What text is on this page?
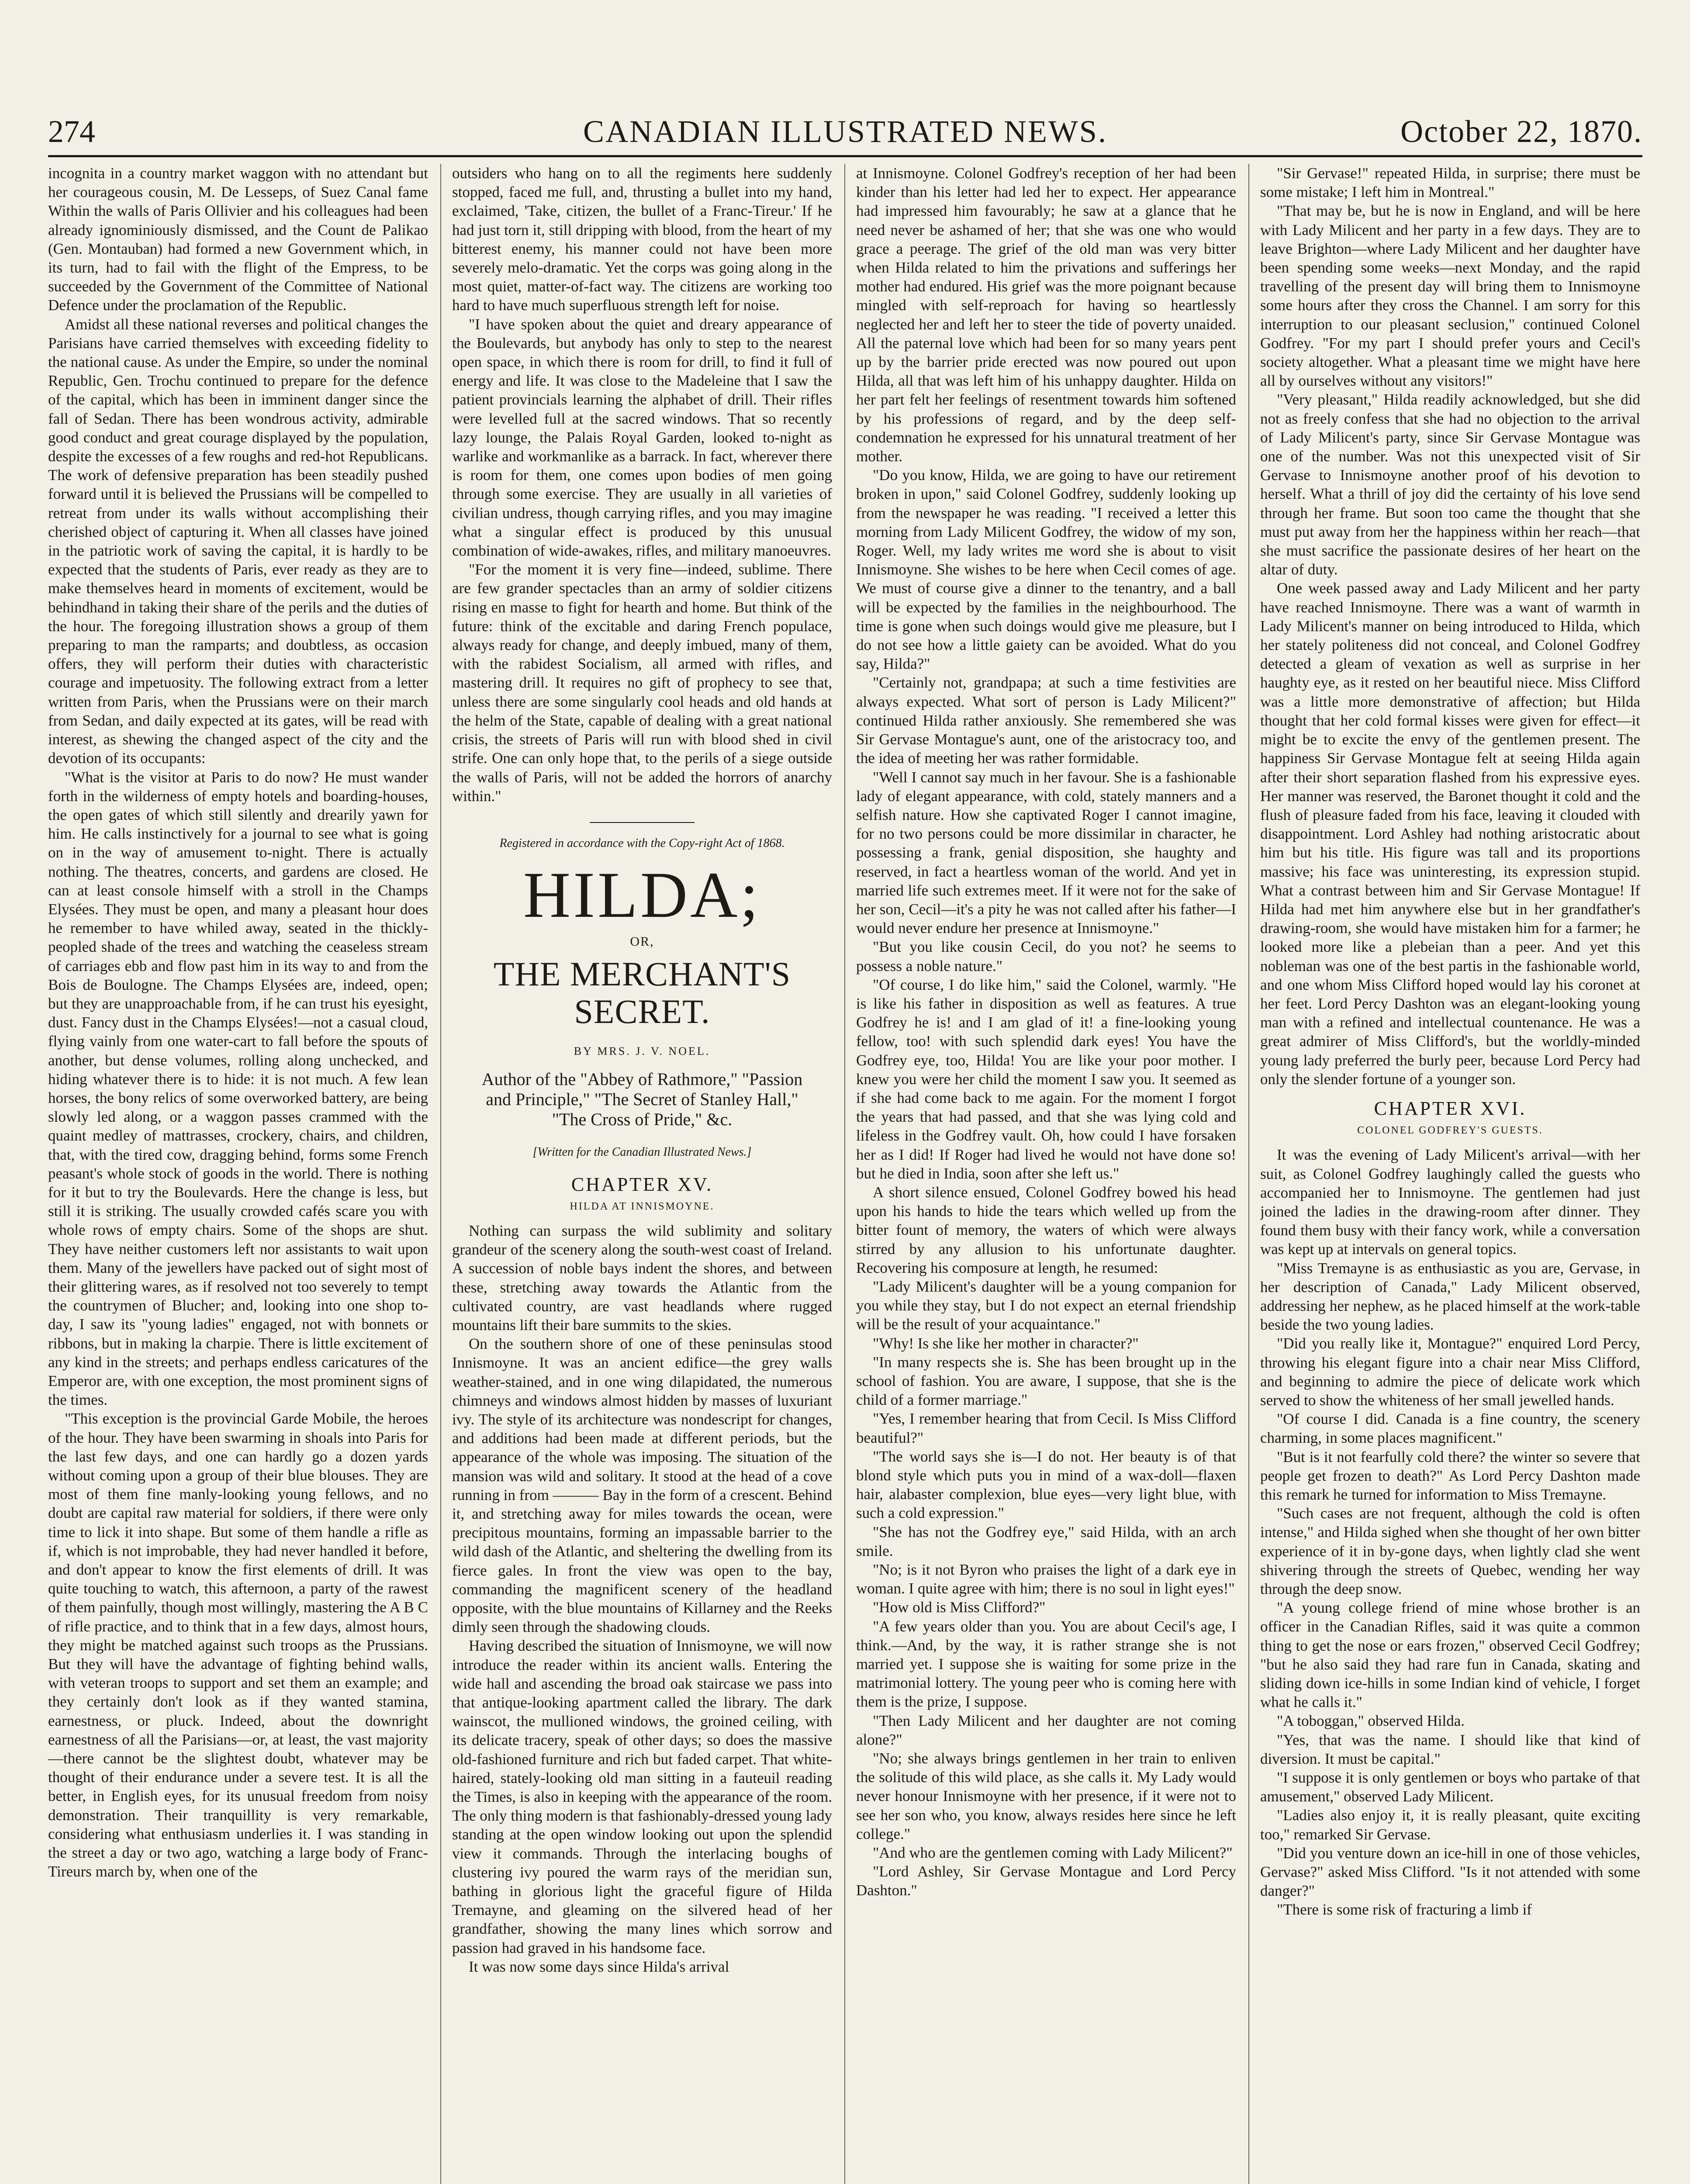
274	CANADIAN ILLUSTRATED NEWS.	October 22, 1870.

incognita in a country market waggon with no attendant but her courageous cousin, M. De Lesseps, of Suez Canal fame Within the walls of Paris Ollivier and his colleagues had been already ignominiously dismissed, and the Count de Palikao (Gen. Montauban) had formed a new Government which, in its turn, had to fail with the flight of the Empress, to be succeeded by the Government of the Committee of National Defence under the proclamation of the Republic.

Amidst all these national reverses and political changes the Parisians have carried themselves with exceeding fidelity to the national cause. As under the Empire, so under the nominal Republic, Gen. Trochu continued to prepare for the defence of the capital, which has been in imminent danger since the fall of Sedan. There has been wondrous activity, admirable good conduct and great courage displayed by the population, despite the excesses of a few roughs and red-hot Republicans. The work of defensive preparation has been steadily pushed forward until it is believed the Prussians will be compelled to retreat from under its walls without accomplishing their cherished object of capturing it. When all classes have joined in the patriotic work of saving the capital, it is hardly to be expected that the students of Paris, ever ready as they are to make themselves heard in moments of excitement, would be behindhand in taking their share of the perils and the duties of the hour. The foregoing illustration shows a group of them preparing to man the ramparts; and doubtless, as occasion offers, they will perform their duties with characteristic courage and impetuosity. The following extract from a letter written from Paris, when the Prussians were on their march from Sedan, and daily expected at its gates, will be read with interest, as shewing the changed aspect of the city and the devotion of its occupants:

"What is the visitor at Paris to do now? He must wander forth in the wilderness of empty hotels and boarding-houses, the open gates of which still silently and drearily yawn for him. He calls instinctively for a journal to see what is going on in the way of amusement to-night. There is actually nothing. The theatres, concerts, and gardens are closed. He can at least console himself with a stroll in the Champs Elysées. They must be open, and many a pleasant hour does he remember to have whiled away, seated in the thickly-peopled shade of the trees and watching the ceaseless stream of carriages ebb and flow past him in its way to and from the Bois de Boulogne. The Champs Elysées are, indeed, open; but they are unapproachable from, if he can trust his eyesight, dust. Fancy dust in the Champs Elysées!—not a casual cloud, flying vainly from one water-cart to fall before the spouts of another, but dense volumes, rolling along unchecked, and hiding whatever there is to hide: it is not much. A few lean horses, the bony relics of some overworked battery, are being slowly led along, or a waggon passes crammed with the quaint medley of mattrasses, crockery, chairs, and children, that, with the tired cow, dragging behind, forms some French peasant's whole stock of goods in the world. There is nothing for it but to try the Boulevards. Here the change is less, but still it is striking. The usually crowded cafés scare you with whole rows of empty chairs. Some of the shops are shut. They have neither customers left nor assistants to wait upon them. Many of the jewellers have packed out of sight most of their glittering wares, as if resolved not too severely to tempt the countrymen of Blucher; and, looking into one shop to-day, I saw its "young ladies" engaged, not with bonnets or ribbons, but in making la charpie. There is little excitement of any kind in the streets; and perhaps endless caricatures of the Emperor are, with one exception, the most prominent signs of the times.

"This exception is the provincial Garde Mobile, the heroes of the hour. They have been swarming in shoals into Paris for the last few days, and one can hardly go a dozen yards without coming upon a group of their blue blouses. They are most of them fine manly-looking young fellows, and no doubt are capital raw material for soldiers, if there were only time to lick it into shape. But some of them handle a rifle as if, which is not improbable, they had never handled it before, and don't appear to know the first elements of drill. It was quite touching to watch, this afternoon, a party of the rawest of them painfully, though most willingly, mastering the A B C of rifle practice, and to think that in a few days, almost hours, they might be matched against such troops as the Prussians. But they will have the advantage of fighting behind walls, with veteran troops to support and set them an example; and they certainly don't look as if they wanted stamina, earnestness, or pluck. Indeed, about the downright earnestness of all the Parisians—or, at least, the vast majority—there cannot be the slightest doubt, whatever may be thought of their endurance under a severe test. It is all the better, in English eyes, for its unusual freedom from noisy demonstration. Their tranquillity is very remarkable, considering what enthusiasm underlies it. I was standing in the street a day or two ago, watching a large body of Franc-Tireurs march by, when one of the

outsiders who hang on to all the regiments here suddenly stopped, faced me full, and, thrusting a bullet into my hand, exclaimed, 'Take, citizen, the bullet of a Franc-Tireur.' If he had just torn it, still dripping with blood, from the heart of my bitterest enemy, his manner could not have been more severely melo-dramatic. Yet the corps was going along in the most quiet, matter-of-fact way. The citizens are working too hard to have much superfluous strength left for noise.

"I have spoken about the quiet and dreary appearance of the Boulevards, but anybody has only to step to the nearest open space, in which there is room for drill, to find it full of energy and life. It was close to the Madeleine that I saw the patient provincials learning the alphabet of drill. Their rifles were levelled full at the sacred windows. That so recently lazy lounge, the Palais Royal Garden, looked to-night as warlike and workmanlike as a barrack. In fact, wherever there is room for them, one comes upon bodies of men going through some exercise. They are usually in all varieties of civilian undress, though carrying rifles, and you may imagine what a singular effect is produced by this unusual combination of wide-awakes, rifles, and military manoeuvres.

"For the moment it is very fine—indeed, sublime. There are few grander spectacles than an army of soldier citizens rising en masse to fight for hearth and home. But think of the future: think of the excitable and daring French populace, always ready for change, and deeply imbued, many of them, with the rabidest Socialism, all armed with rifles, and mastering drill. It requires no gift of prophecy to see that, unless there are some singularly cool heads and old hands at the helm of the State, capable of dealing with a great national crisis, the streets of Paris will run with blood shed in civil strife. One can only hope that, to the perils of a siege outside the walls of Paris, will not be added the horrors of anarchy within."

Registered in accordance with the Copy-right Act of 1868.
HILDA;
OR,
THE MERCHANT'S SECRET.
BY MRS. J. V. NOEL.
Author of the "Abbey of Rathmore," "Passion and Principle," "The Secret of Stanley Hall," "The Cross of Pride," &c.
[Written for the Canadian Illustrated News.]
CHAPTER XV.
HILDA AT INNISMOYNE.

Nothing can surpass the wild sublimity and solitary grandeur of the scenery along the south-west coast of Ireland. A succession of noble bays indent the shores, and between these, stretching away towards the Atlantic from the cultivated country, are vast headlands where rugged mountains lift their bare summits to the skies.

On the southern shore of one of these peninsulas stood Innismoyne. It was an ancient edifice—the grey walls weather-stained, and in one wing dilapidated, the numerous chimneys and windows almost hidden by masses of luxuriant ivy. The style of its architecture was nondescript for changes, and additions had been made at different periods, but the appearance of the whole was imposing. The situation of the mansion was wild and solitary. It stood at the head of a cove running in from ——— Bay in the form of a crescent. Behind it, and stretching away for miles towards the ocean, were precipitous mountains, forming an impassable barrier to the wild dash of the Atlantic, and sheltering the dwelling from its fierce gales. In front the view was open to the bay, commanding the magnificent scenery of the headland opposite, with the blue mountains of Killarney and the Reeks dimly seen through the shadowing clouds.

Having described the situation of Innismoyne, we will now introduce the reader within its ancient walls. Entering the wide hall and ascending the broad oak staircase we pass into that antique-looking apartment called the library. The dark wainscot, the mullioned windows, the groined ceiling, with its delicate tracery, speak of other days; so does the massive old-fashioned furniture and rich but faded carpet. That white-haired, stately-looking old man sitting in a fauteuil reading the Times, is also in keeping with the appearance of the room. The only thing modern is that fashionably-dressed young lady standing at the open window looking out upon the splendid view it commands. Through the interlacing boughs of clustering ivy poured the warm rays of the meridian sun, bathing in glorious light the graceful figure of Hilda Tremayne, and gleaming on the silvered head of her grandfather, showing the many lines which sorrow and passion had graved in his handsome face.

It was now some days since Hilda's arrival

at Innismoyne. Colonel Godfrey's reception of her had been kinder than his letter had led her to expect. Her appearance had impressed him favourably; he saw at a glance that he need never be ashamed of her; that she was one who would grace a peerage. The grief of the old man was very bitter when Hilda related to him the privations and sufferings her mother had endured. His grief was the more poignant because mingled with self-reproach for having so heartlessly neglected her and left her to steer the tide of poverty unaided. All the paternal love which had been for so many years pent up by the barrier pride erected was now poured out upon Hilda, all that was left him of his unhappy daughter. Hilda on her part felt her feelings of resentment towards him softened by his professions of regard, and by the deep self-condemnation he expressed for his unnatural treatment of her mother.

"Do you know, Hilda, we are going to have our retirement broken in upon," said Colonel Godfrey, suddenly looking up from the newspaper he was reading. "I received a letter this morning from Lady Milicent Godfrey, the widow of my son, Roger. Well, my lady writes me word she is about to visit Innismoyne. She wishes to be here when Cecil comes of age. We must of course give a dinner to the tenantry, and a ball will be expected by the families in the neighbourhood. The time is gone when such doings would give me pleasure, but I do not see how a little gaiety can be avoided. What do you say, Hilda?"

"Certainly not, grandpapa; at such a time festivities are always expected. What sort of person is Lady Milicent?" continued Hilda rather anxiously. She remembered she was Sir Gervase Montague's aunt, one of the aristocracy too, and the idea of meeting her was rather formidable.

"Well I cannot say much in her favour. She is a fashionable lady of elegant appearance, with cold, stately manners and a selfish nature. How she captivated Roger I cannot imagine, for no two persons could be more dissimilar in character, he possessing a frank, genial disposition, she haughty and reserved, in fact a heartless woman of the world. And yet in married life such extremes meet. If it were not for the sake of her son, Cecil—it's a pity he was not called after his father—I would never endure her presence at Innismoyne."

"But you like cousin Cecil, do you not? he seems to possess a noble nature."

"Of course, I do like him," said the Colonel, warmly. "He is like his father in disposition as well as features. A true Godfrey he is! and I am glad of it! a fine-looking young fellow, too! with such splendid dark eyes! You have the Godfrey eye, too, Hilda! You are like your poor mother. I knew you were her child the moment I saw you. It seemed as if she had come back to me again. For the moment I forgot the years that had passed, and that she was lying cold and lifeless in the Godfrey vault. Oh, how could I have forsaken her as I did! If Roger had lived he would not have done so! but he died in India, soon after she left us."

A short silence ensued, Colonel Godfrey bowed his head upon his hands to hide the tears which welled up from the bitter fount of memory, the waters of which were always stirred by any allusion to his unfortunate daughter. Recovering his composure at length, he resumed:

"Lady Milicent's daughter will be a young companion for you while they stay, but I do not expect an eternal friendship will be the result of your acquaintance."

"Why! Is she like her mother in character?"

"In many respects she is. She has been brought up in the school of fashion. You are aware, I suppose, that she is the child of a former marriage."

"Yes, I remember hearing that from Cecil. Is Miss Clifford beautiful?"

"The world says she is—I do not. Her beauty is of that blond style which puts you in mind of a wax-doll—flaxen hair, alabaster complexion, blue eyes—very light blue, with such a cold expression."

"She has not the Godfrey eye," said Hilda, with an arch smile.

"No; is it not Byron who praises the light of a dark eye in woman. I quite agree with him; there is no soul in light eyes!"

"How old is Miss Clifford?"

"A few years older than you. You are about Cecil's age, I think.—And, by the way, it is rather strange she is not married yet. I suppose she is waiting for some prize in the matrimonial lottery. The young peer who is coming here with them is the prize, I suppose.

"Then Lady Milicent and her daughter are not coming alone?"

"No; she always brings gentlemen in her train to enliven the solitude of this wild place, as she calls it. My Lady would never honour Innismoyne with her presence, if it were not to see her son who, you know, always resides here since he left college."

"And who are the gentlemen coming with Lady Milicent?"

"Lord Ashley, Sir Gervase Montague and Lord Percy Dashton."

"Sir Gervase!" repeated Hilda, in surprise; there must be some mistake; I left him in Montreal."

"That may be, but he is now in England, and will be here with Lady Milicent and her party in a few days. They are to leave Brighton—where Lady Milicent and her daughter have been spending some weeks—next Monday, and the rapid travelling of the present day will bring them to Innismoyne some hours after they cross the Channel. I am sorry for this interruption to our pleasant seclusion," continued Colonel Godfrey. "For my part I should prefer yours and Cecil's society altogether. What a pleasant time we might have here all by ourselves without any visitors!"

"Very pleasant," Hilda readily acknowledged, but she did not as freely confess that she had no objection to the arrival of Lady Milicent's party, since Sir Gervase Montague was one of the number. Was not this unexpected visit of Sir Gervase to Innismoyne another proof of his devotion to herself. What a thrill of joy did the certainty of his love send through her frame. But soon too came the thought that she must put away from her the happiness within her reach—that she must sacrifice the passionate desires of her heart on the altar of duty.

One week passed away and Lady Milicent and her party have reached Innismoyne. There was a want of warmth in Lady Milicent's manner on being introduced to Hilda, which her stately politeness did not conceal, and Colonel Godfrey detected a gleam of vexation as well as surprise in her haughty eye, as it rested on her beautiful niece. Miss Clifford was a little more demonstrative of affection; but Hilda thought that her cold formal kisses were given for effect—it might be to excite the envy of the gentlemen present. The happiness Sir Gervase Montague felt at seeing Hilda again after their short separation flashed from his expressive eyes. Her manner was reserved, the Baronet thought it cold and the flush of pleasure faded from his face, leaving it clouded with disappointment. Lord Ashley had nothing aristocratic about him but his title. His figure was tall and its proportions massive; his face was uninteresting, its expression stupid. What a contrast between him and Sir Gervase Montague! If Hilda had met him anywhere else but in her grandfather's drawing-room, she would have mistaken him for a farmer; he looked more like a plebeian than a peer. And yet this nobleman was one of the best partis in the fashionable world, and one whom Miss Clifford hoped would lay his coronet at her feet. Lord Percy Dashton was an elegant-looking young man with a refined and intellectual countenance. He was a great admirer of Miss Clifford's, but the worldly-minded young lady preferred the burly peer, because Lord Percy had only the slender fortune of a younger son.

CHAPTER XVI.
COLONEL GODFREY'S GUESTS.

It was the evening of Lady Milicent's arrival—with her suit, as Colonel Godfrey laughingly called the guests who accompanied her to Innismoyne. The gentlemen had just joined the ladies in the drawing-room after dinner. They found them busy with their fancy work, while a conversation was kept up at intervals on general topics.

"Miss Tremayne is as enthusiastic as you are, Gervase, in her description of Canada," Lady Milicent observed, addressing her nephew, as he placed himself at the work-table beside the two young ladies.

"Did you really like it, Montague?" enquired Lord Percy, throwing his elegant figure into a chair near Miss Clifford, and beginning to admire the piece of delicate work which served to show the whiteness of her small jewelled hands.

"Of course I did. Canada is a fine country, the scenery charming, in some places magnificent."

"But is it not fearfully cold there? the winter so severe that people get frozen to death?" As Lord Percy Dashton made this remark he turned for information to Miss Tremayne.

"Such cases are not frequent, although the cold is often intense," and Hilda sighed when she thought of her own bitter experience of it in by-gone days, when lightly clad she went shivering through the streets of Quebec, wending her way through the deep snow.

"A young college friend of mine whose brother is an officer in the Canadian Rifles, said it was quite a common thing to get the nose or ears frozen," observed Cecil Godfrey; "but he also said they had rare fun in Canada, skating and sliding down ice-hills in some Indian kind of vehicle, I forget what he calls it."

"A toboggan," observed Hilda.

"Yes, that was the name. I should like that kind of diversion. It must be capital."

"I suppose it is only gentlemen or boys who partake of that amusement," observed Lady Milicent.

"Ladies also enjoy it, it is really pleasant, quite exciting too," remarked Sir Gervase.

"Did you venture down an ice-hill in one of those vehicles, Gervase?" asked Miss Clifford. "Is it not attended with some danger?"

"There is some risk of fracturing a limb if
